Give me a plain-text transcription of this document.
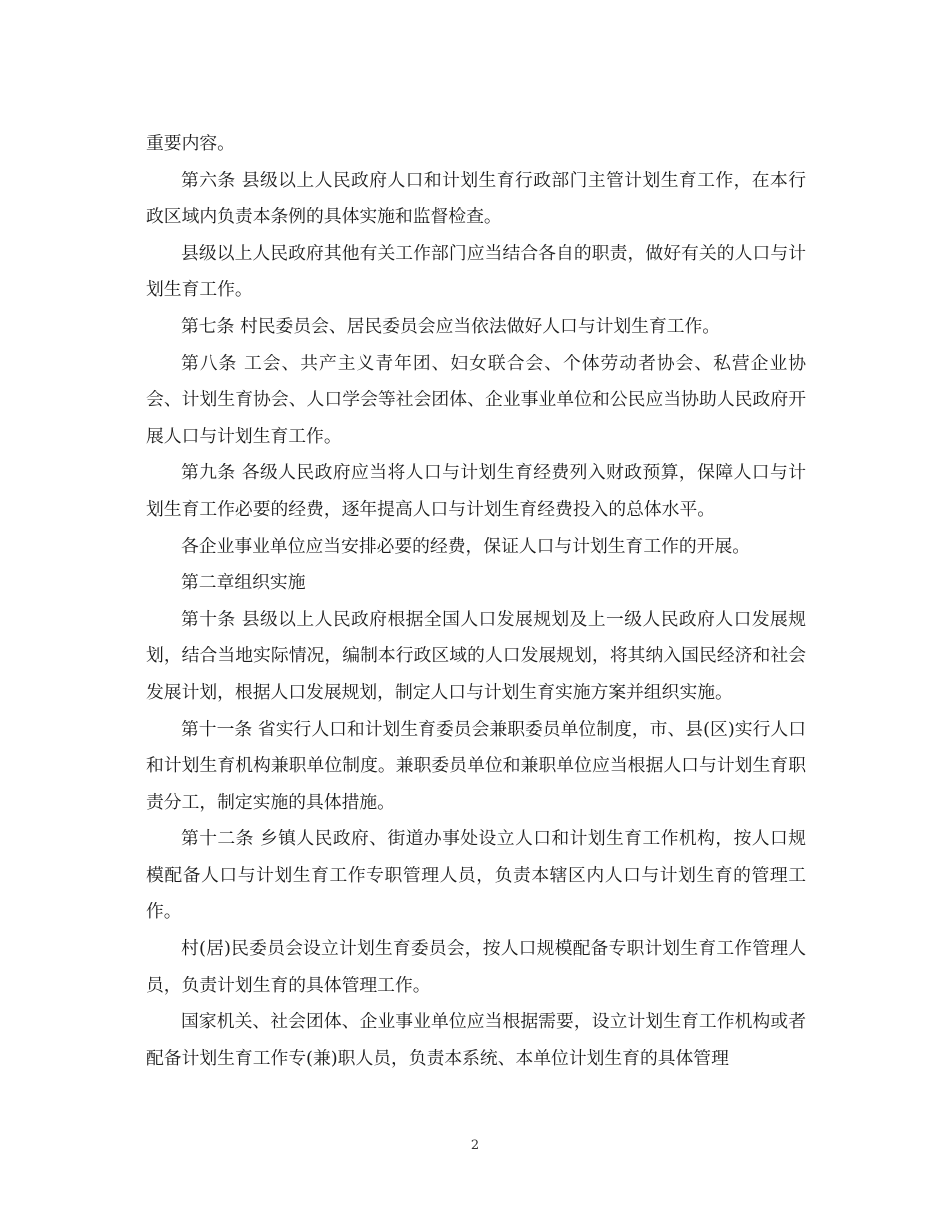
重要内容。

第六条 县级以上人民政府人口和计划生育行政部门主管计划生育工作，在本行政区域内负责本条例的具体实施和监督检查。

县级以上人民政府其他有关工作部门应当结合各自的职责，做好有关的人口与计划生育工作。

第七条 村民委员会、居民委员会应当依法做好人口与计划生育工作。

第八条 工会、共产主义青年团、妇女联合会、个体劳动者协会、私营企业协会、计划生育协会、人口学会等社会团体、企业事业单位和公民应当协助人民政府开展人口与计划生育工作。

第九条 各级人民政府应当将人口与计划生育经费列入财政预算，保障人口与计划生育工作必要的经费，逐年提高人口与计划生育经费投入的总体水平。

各企业事业单位应当安排必要的经费，保证人口与计划生育工作的开展。

第二章组织实施

第十条 县级以上人民政府根据全国人口发展规划及上一级人民政府人口发展规划，结合当地实际情况，编制本行政区域的人口发展规划，将其纳入国民经济和社会发展计划，根据人口发展规划，制定人口与计划生育实施方案并组织实施。

第十一条 省实行人口和计划生育委员会兼职委员单位制度，市、县(区)实行人口和计划生育机构兼职单位制度。兼职委员单位和兼职单位应当根据人口与计划生育职责分工，制定实施的具体措施。

第十二条 乡镇人民政府、街道办事处设立人口和计划生育工作机构，按人口规模配备人口与计划生育工作专职管理人员，负责本辖区内人口与计划生育的管理工作。

村(居)民委员会设立计划生育委员会，按人口规模配备专职计划生育工作管理人员，负责计划生育的具体管理工作。

国家机关、社会团体、企业事业单位应当根据需要，设立计划生育工作机构或者配备计划生育工作专(兼)职人员，负责本系统、本单位计划生育的具体管理

2
